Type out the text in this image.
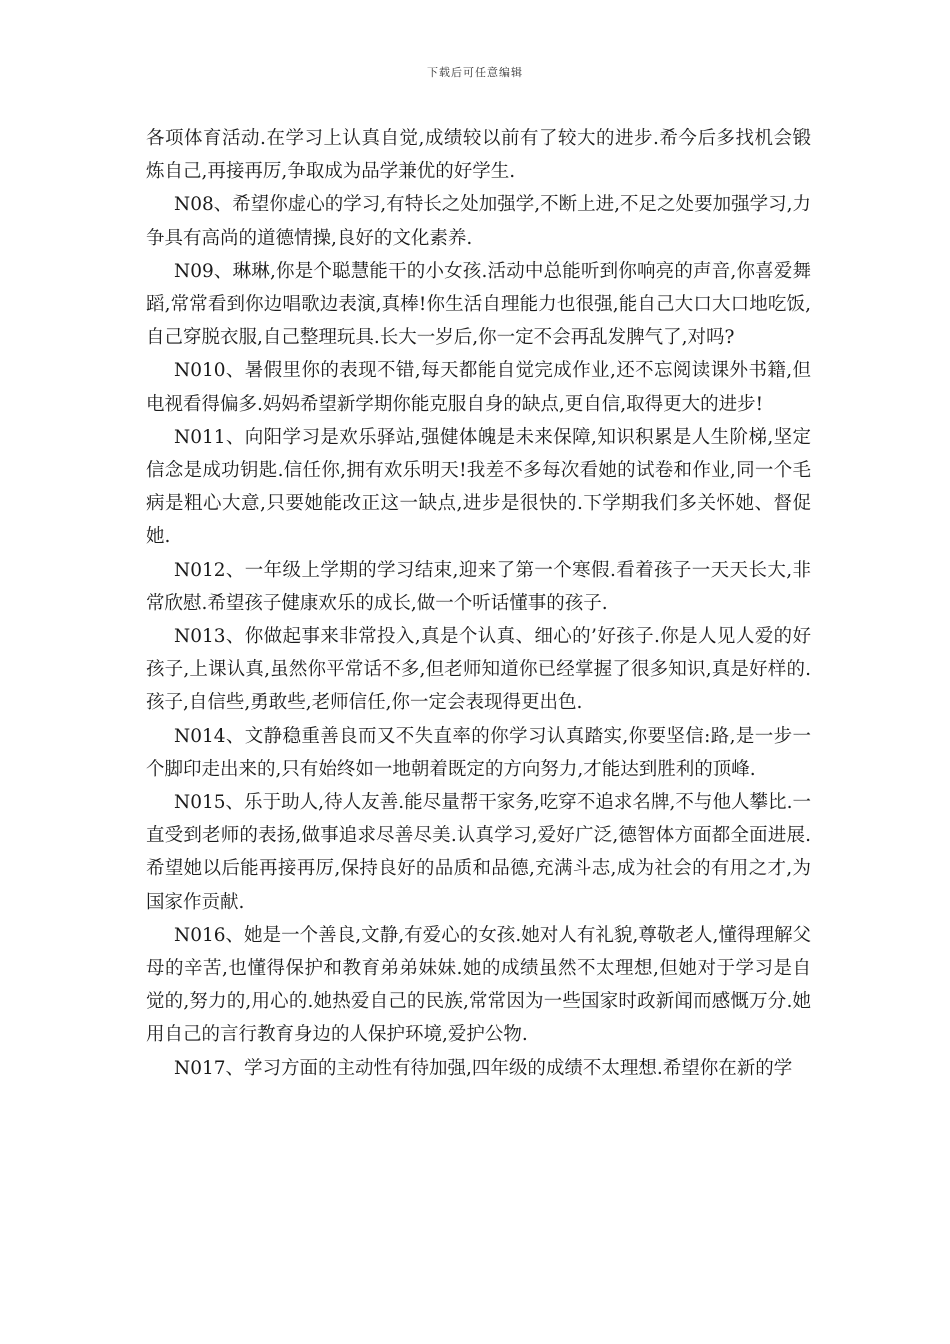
下载后可任意编辑

各项体育活动.在学习上认真自觉,成绩较以前有了较大的进步.希今后多找机会锻炼自己,再接再厉,争取成为品学兼优的好学生.

N08、希望你虚心的学习,有特长之处加强学,不断上进,不足之处要加强学习,力争具有高尚的道德情操,良好的文化素养.

N09、琳琳,你是个聪慧能干的小女孩.活动中总能听到你响亮的声音,你喜爱舞蹈,常常看到你边唱歌边表演,真棒!你生活自理能力也很强,能自己大口大口地吃饭,自己穿脱衣服,自己整理玩具.长大一岁后,你一定不会再乱发脾气了,对吗?

N010、暑假里你的表现不错,每天都能自觉完成作业,还不忘阅读课外书籍,但电视看得偏多.妈妈希望新学期你能克服自身的缺点,更自信,取得更大的进步!

N011、向阳学习是欢乐驿站,强健体魄是未来保障,知识积累是人生阶梯,坚定信念是成功钥匙.信任你,拥有欢乐明天!我差不多每次看她的试卷和作业,同一个毛病是粗心大意,只要她能改正这一缺点,进步是很快的.下学期我们多关怀她、督促她.

N012、一年级上学期的学习结束,迎来了第一个寒假.看着孩子一天天长大,非常欣慰.希望孩子健康欢乐的成长,做一个听话懂事的孩子.

N013、你做起事来非常投入,真是个认真、细心的’好孩子.你是人见人爱的好孩子,上课认真,虽然你平常话不多,但老师知道你已经掌握了很多知识,真是好样的.孩子,自信些,勇敢些,老师信任,你一定会表现得更出色.

N014、文静稳重善良而又不失直率的你学习认真踏实,你要坚信:路,是一步一个脚印走出来的,只有始终如一地朝着既定的方向努力,才能达到胜利的顶峰.

N015、乐于助人,待人友善.能尽量帮干家务,吃穿不追求名牌,不与他人攀比.一直受到老师的表扬,做事追求尽善尽美.认真学习,爱好广泛,德智体方面都全面进展.希望她以后能再接再厉,保持良好的品质和品德,充满斗志,成为社会的有用之才,为国家作贡献.

N016、她是一个善良,文静,有爱心的女孩.她对人有礼貌,尊敬老人,懂得理解父母的辛苦,也懂得保护和教育弟弟妹妹.她的成绩虽然不太理想,但她对于学习是自觉的,努力的,用心的.她热爱自己的民族,常常因为一些国家时政新闻而感慨万分.她用自己的言行教育身边的人保护环境,爱护公物.

N017、学习方面的主动性有待加强,四年级的成绩不太理想.希望你在新的学
